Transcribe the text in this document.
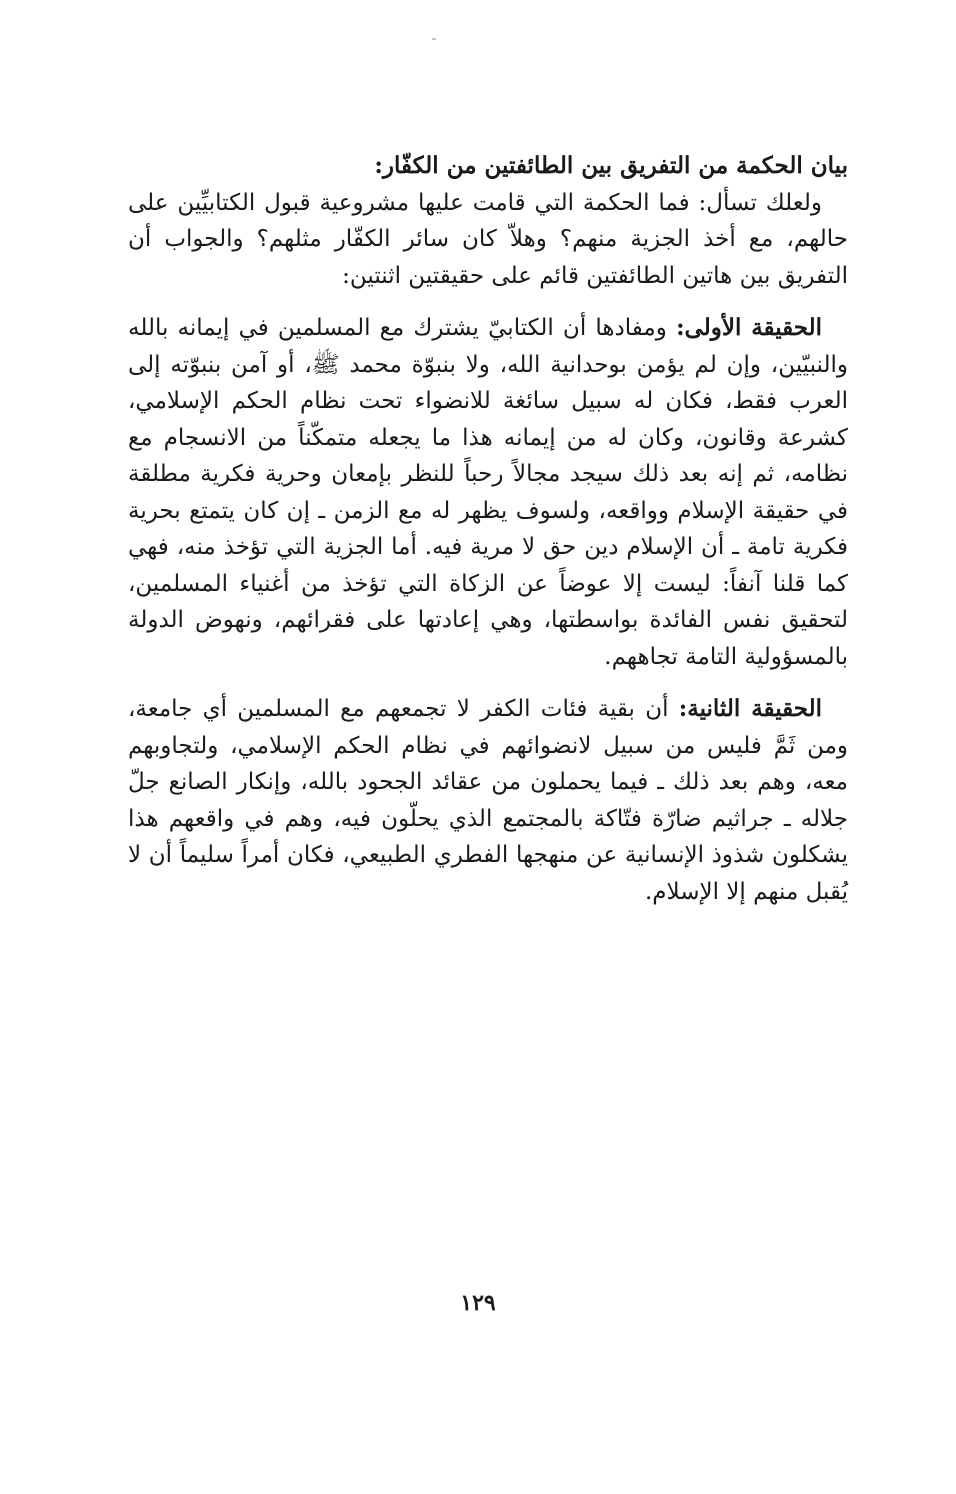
بيان الحكمة من التفريق بين الطائفتين من الكفّار:

ولعلك تسأل: فما الحكمة التي قامت عليها مشروعية قبول الكتابيِّين على حالهم، مع أخذ الجزية منهم؟ وهلاّ كان سائر الكفّار مثلهم؟ والجواب أن التفريق بين هاتين الطائفتين قائم على حقيقتين اثنتين:

الحقيقة الأولى: ومفادها أن الكتابيّ يشترك مع المسلمين في إيمانه بالله والنبيّين، وإن لم يؤمن بوحدانية الله، ولا بنبوّة محمد ﷺ، أو آمن بنبوّته إلى العرب فقط، فكان له سبيل سائغة للانضواء تحت نظام الحكم الإسلامي، كشرعة وقانون، وكان له من إيمانه هذا ما يجعله متمكّناً من الانسجام مع نظامه، ثم إنه بعد ذلك سيجد مجالاً رحباً للنظر بإمعان وحرية فكرية مطلقة في حقيقة الإسلام وواقعه، ولسوف يظهر له مع الزمن ـ إن كان يتمتع بحرية فكرية تامة ـ أن الإسلام دين حق لا مرية فيه. أما الجزية التي تؤخذ منه، فهي كما قلنا آنفاً: ليست إلا عوضاً عن الزكاة التي تؤخذ من أغنياء المسلمين، لتحقيق نفس الفائدة بواسطتها، وهي إعادتها على فقرائهم، ونهوض الدولة بالمسؤولية التامة تجاههم.

الحقيقة الثانية: أن بقية فئات الكفر لا تجمعهم مع المسلمين أي جامعة، ومن ثَمَّ فليس من سبيل لانضوائهم في نظام الحكم الإسلامي، ولتجاوبهم معه، وهم بعد ذلك ـ فيما يحملون من عقائد الجحود بالله، وإنكار الصانع جلّ جلاله ـ جراثيم ضارّة فتّاكة بالمجتمع الذي يحلّون فيه، وهم في واقعهم هذا يشكلون شذوذ الإنسانية عن منهجها الفطري الطبيعي، فكان أمراً سليماً أن لا يُقبل منهم إلا الإسلام.

١٢٩
